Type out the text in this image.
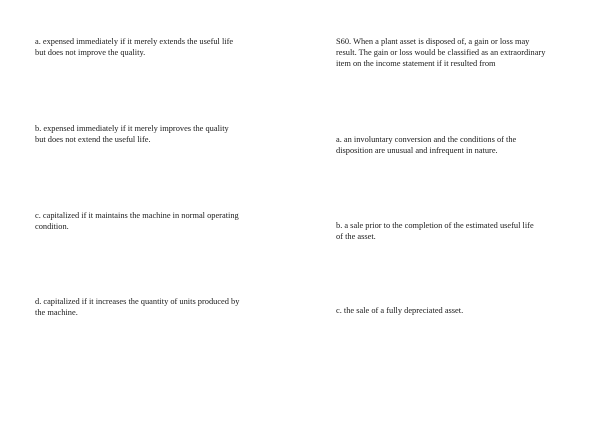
a. expensed immediately if it merely extends the useful life
but does not improve the quality.
b. expensed immediately if it merely improves the quality
but does not extend the useful life.
c. capitalized if it maintains the machine in normal operating
condition.
d. capitalized if it increases the quantity of units produced by
the machine.
S60. When a plant asset is disposed of, a gain or loss may
result. The gain or loss would be classified as an extraordinary
item on the income statement if it resulted from
a. an involuntary conversion and the conditions of the
disposition are unusual and infrequent in nature.
b. a sale prior to the completion of the estimated useful life
of the asset.
c. the sale of a fully depreciated asset.
